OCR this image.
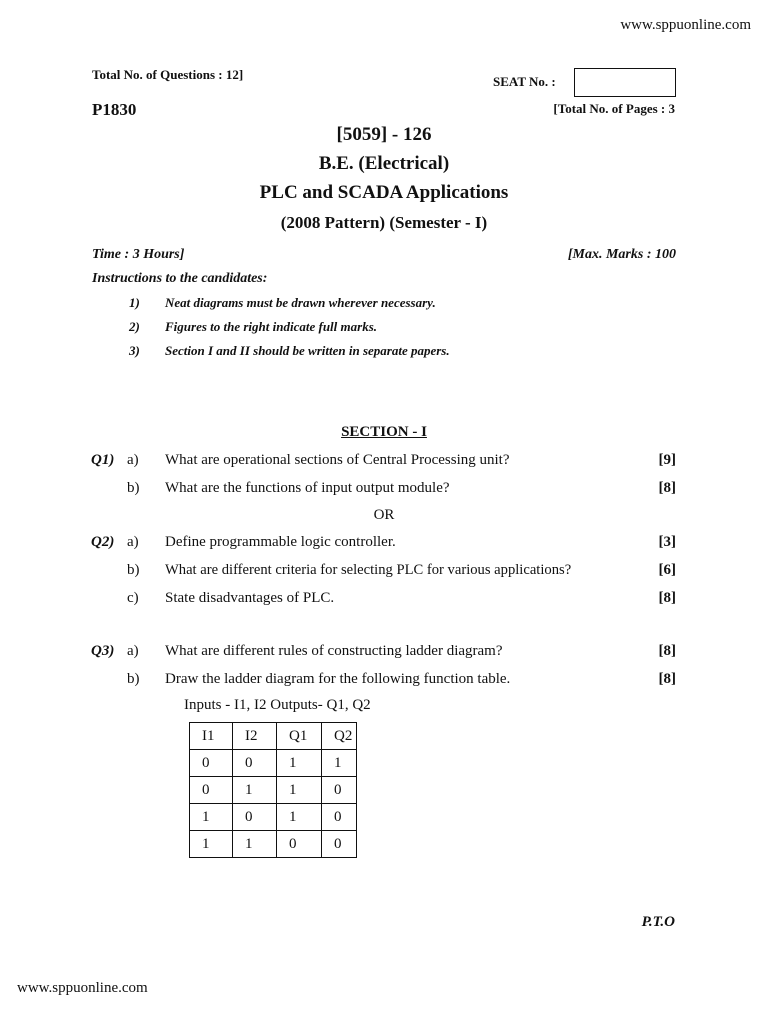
www.sppuonline.com
Total No. of Questions : 12]	SEAT No. :
P1830	[Total No. of Pages : 3
[5059] - 126
B.E. (Electrical)
PLC and SCADA Applications
(2008 Pattern) (Semester - I)
Time : 3 Hours]	[Max. Marks : 100
Instructions to the candidates:
1) Neat diagrams must be drawn wherever necessary.
2) Figures to the right indicate full marks.
3) Section I and II should be written in separate papers.
SECTION - I
Q1) a) What are operational sections of Central Processing unit?	[9]
b) What are the functions of input output module?	[8]
OR
Q2) a) Define programmable logic controller.	[3]
b) What are different criteria for selecting PLC for various applications?	[6]
c) State disadvantages of PLC.	[8]
Q3) a) What are different rules of constructing ladder diagram?	[8]
b) Draw the ladder diagram for the following function table.	[8]
Inputs - I1, I2 Outputs- Q1, Q2
I1	I2	Q1	Q2
0	0	1	1
0	1	1	0
1	0	1	0
1	1	0	0
P.T.O
www.sppuonline.com
